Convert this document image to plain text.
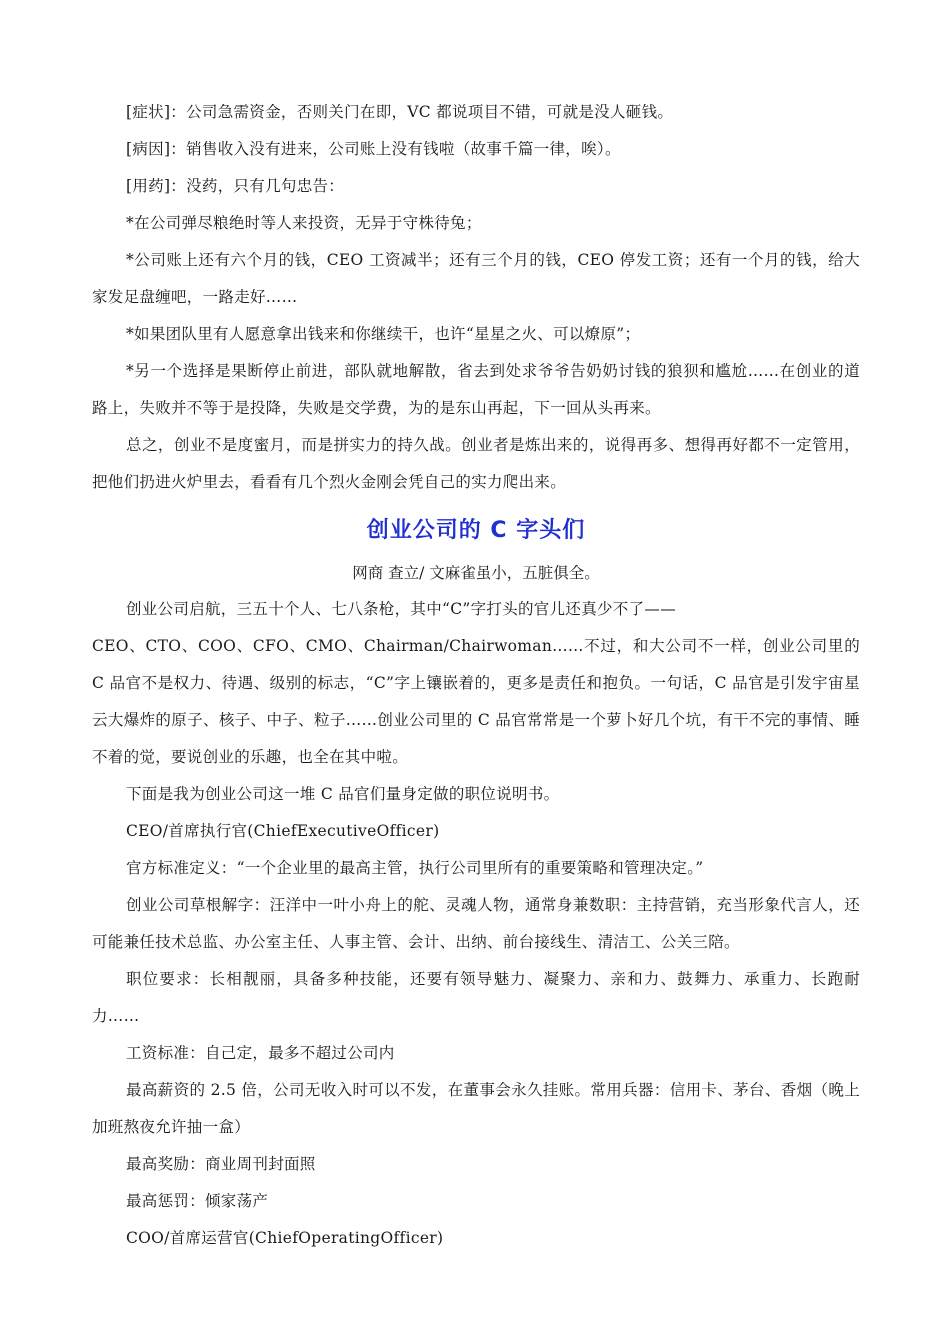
[症状]：公司急需资金，否则关门在即，VC 都说项目不错，可就是没人砸钱。

[病因]：销售收入没有进来，公司账上没有钱啦（故事千篇一律，唉）。

[用药]：没药，只有几句忠告：

*在公司弹尽粮绝时等人来投资，无异于守株待兔；

*公司账上还有六个月的钱，CEO 工资减半；还有三个月的钱，CEO 停发工资；还有一个月的钱，给大家发足盘缠吧，一路走好……

*如果团队里有人愿意拿出钱来和你继续干，也许“星星之火、可以燎原”；

*另一个选择是果断停止前进，部队就地解散，省去到处求爷爷告奶奶讨钱的狼狈和尴尬……在创业的道路上，失败并不等于是投降，失败是交学费，为的是东山再起，下一回从头再来。

总之，创业不是度蜜月，而是拼实力的持久战。创业者是炼出来的，说得再多、想得再好都不一定管用，把他们扔进火炉里去，看看有几个烈火金刚会凭自己的实力爬出来。

创业公司的 C 字头们

网商 查立/ 文麻雀虽小，五脏俱全。

创业公司启航，三五十个人、七八条枪，其中“C”字打头的官儿还真少不了——

CEO、CTO、COO、CFO、CMO、Chairman/Chairwoman……不过，和大公司不一样，创业公司里的 C 品官不是权力、待遇、级别的标志，“C”字上镶嵌着的，更多是责任和抱负。一句话，C 品官是引发宇宙星云大爆炸的原子、核子、中子、粒子……创业公司里的 C 品官常常是一个萝卜好几个坑，有干不完的事情、睡不着的觉，要说创业的乐趣，也全在其中啦。

下面是我为创业公司这一堆 C 品官们量身定做的职位说明书。

CEO/首席执行官(ChiefExecutiveOfficer)

官方标准定义：“一个企业里的最高主管，执行公司里所有的重要策略和管理决定。”

创业公司草根解字：汪洋中一叶小舟上的舵、灵魂人物，通常身兼数职：主持营销，充当形象代言人，还可能兼任技术总监、办公室主任、人事主管、会计、出纳、前台接线生、清洁工、公关三陪。

职位要求：长相靓丽，具备多种技能，还要有领导魅力、凝聚力、亲和力、鼓舞力、承重力、长跑耐力……

工资标准：自己定，最多不超过公司内

最高薪资的 2.5 倍，公司无收入时可以不发，在董事会永久挂账。常用兵器：信用卡、茅台、香烟（晚上加班熬夜允许抽一盒）

最高奖励：商业周刊封面照

最高惩罚：倾家荡产

COO/首席运营官(ChiefOperatingOfficer)
